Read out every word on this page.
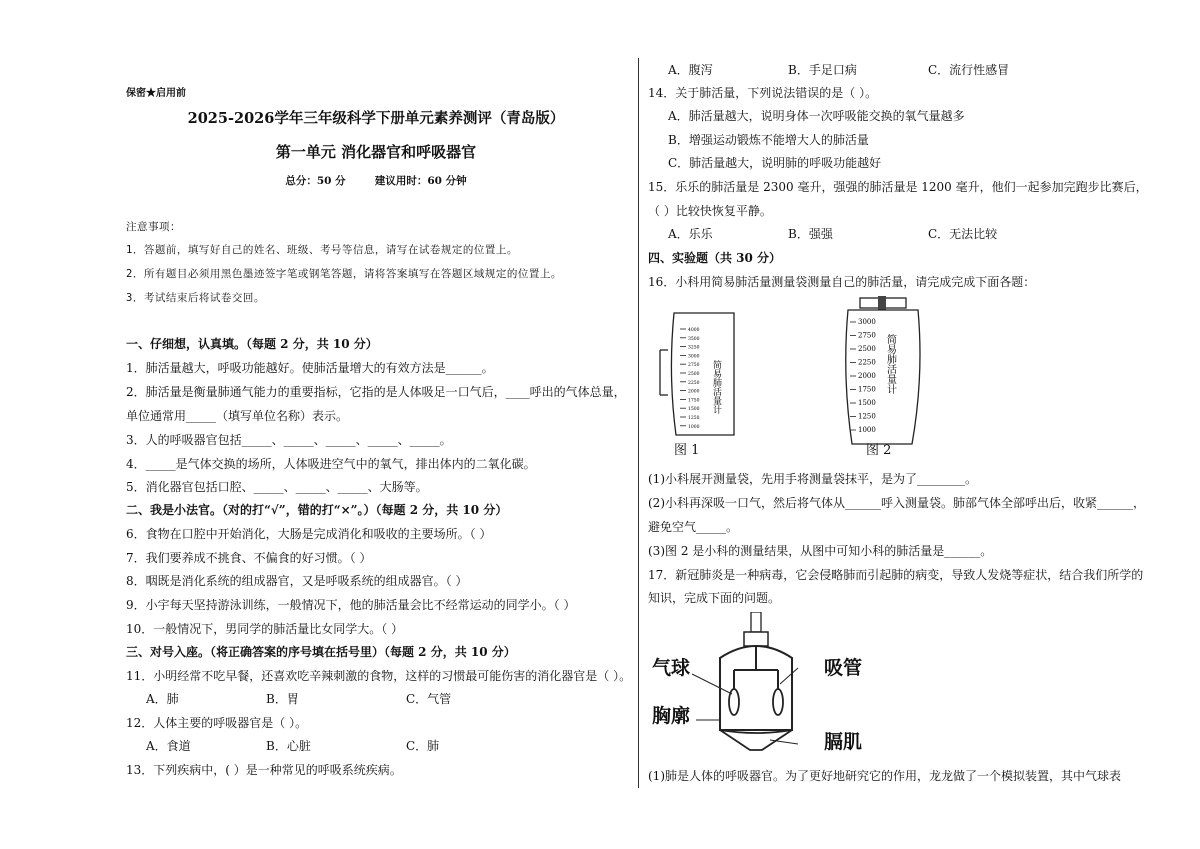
保密★启用前
2025-2026学年三年级科学下册单元素养测评（青岛版）
第一单元 消化器官和呼吸器官
总分：50 分        建议用时：60 分钟
注意事项：
1．答题前，填写好自己的姓名、班级、考号等信息，请写在试卷规定的位置上。
2．所有题目必须用黑色墨迹签字笔或钢笔答题，请将答案填写在答题区域规定的位置上。
3．考试结束后将试卷交回。
一、仔细想，认真填。（每题 2 分，共 10 分）
1．肺活量越大，呼吸功能越好。使肺活量增大的有效方法是______。
2．肺活量是衡量肺通气能力的重要指标，它指的是人体吸足一口气后，____呼出的气体总量，
单位通常用_____（填写单位名称）表示。
3．人的呼吸器官包括_____、_____、_____、_____、_____。
4．_____是气体交换的场所，人体吸进空气中的氧气，排出体内的二氧化碳。
5．消化器官包括口腔、_____、_____、_____、大肠等。
二、我是小法官。（对的打“√”，错的打“×”。）（每题 2 分，共 10 分）
6．食物在口腔中开始消化，大肠是完成消化和吸收的主要场所。（ ）
7．我们要养成不挑食、不偏食的好习惯。（ ）
8．咽既是消化系统的组成器官，又是呼吸系统的组成器官。（ ）
9．小宇每天坚持游泳训练，一般情况下，他的肺活量会比不经常运动的同学小。（ ）
10．一般情况下，男同学的肺活量比女同学大。（ ）
三、对号入座。（将正确答案的序号填在括号里）（每题 2 分，共 10 分）
11．小明经常不吃早餐，还喜欢吃辛辣刺激的食物，这样的习惯最可能伤害的消化器官是（ ）。
A．肺	B．胃	C．气管
12．人体主要的呼吸器官是（ ）。
A．食道	B．心脏	C．肺
13．下列疾病中，( ）是一种常见的呼吸系统疾病。
A．腹泻	B．手足口病	C．流行性感冒
14．关于肺活量，下列说法错误的是（ ）。
A．肺活量越大，说明身体一次呼吸能交换的氧气量越多
B．增强运动锻炼不能增大人的肺活量
C．肺活量越大，说明肺的呼吸功能越好
15．乐乐的肺活量是 2300 毫升，强强的肺活量是 1200 毫升，他们一起参加完跑步比赛后，
（ ）比较快恢复平静。
A．乐乐	B．强强	C．无法比较
四、实验题（共 30 分）
16．小科用简易肺活量测量袋测量自己的肺活量，请完成完成下面各题：
4000
3500
3250
3000
2750
2500
2250
2000
1750
1500
1250
1000
简易肺活量计
图 1
3000
2750
2500
2250
2000
1750
1500
1250
1000
简易肺活量计
图 2
(1)小科展开测量袋，先用手将测量袋抹平，是为了________。
(2)小科再深吸一口气，然后将气体从______呼入测量袋。肺部气体全部呼出后，收紧______，
避免空气_____。
(3)图 2 是小科的测量结果，从图中可知小科的肺活量是______。
17．新冠肺炎是一种病毒，它会侵略肺而引起肺的病变，导致人发烧等症状，结合我们所学的
知识，完成下面的问题。
气球	吸管
胸廓
膈肌
(1)肺是人体的呼吸器官。为了更好地研究它的作用，龙龙做了一个模拟装置，其中气球表
